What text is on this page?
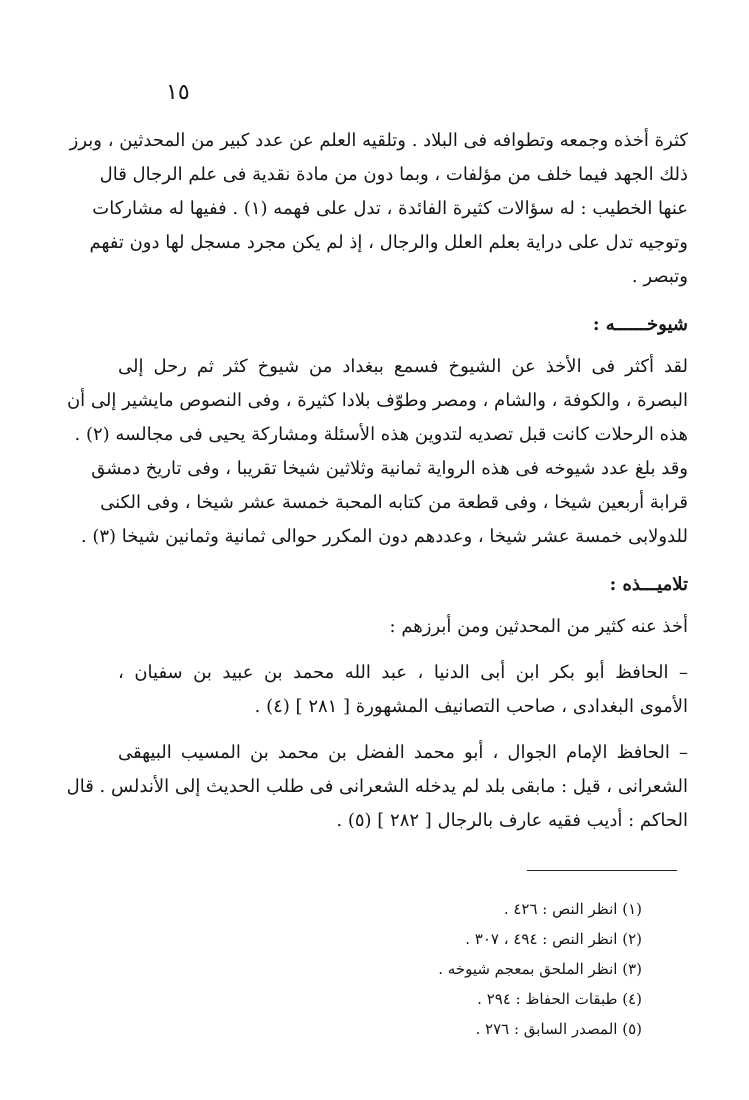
١٥
كثرة أخذه وجمعه وتطوافه فى البلاد . وتلقيه العلم عن عدد كبير من المحدثين ، وبرز
ذلك الجهد فيما خلف من مؤلفات ، وبما دون من مادة نقدية فى علم الرجال قال
عنها الخطيب : له سؤالات كثيرة الفائدة ، تدل على فهمه (١) . ففيها له مشاركات
وتوجيه تدل على دراية بعلم العلل والرجال ، إذ لم يكن مجرد مسجل لها دون تفهم
وتبصر .
شيوخــــــه :
لقد أكثر فى الأخذ عن الشيوخ فسمع ببغداد من شيوخ كثر ثم رحل إلى
البصرة ، والكوفة ، والشام ، ومصر وطوّف بلادا كثيرة ، وفى النصوص مايشير إلى أن
هذه الرحلات كانت قبل تصديه لتدوين هذه الأسئلة ومشاركة يحيى فى مجالسه (٢) .
وقد بلغ عدد شيوخه فى هذه الرواية ثمانية وثلاثين شيخا تقريبا ، وفى تاريخ دمشق
قرابة أربعين شيخا ، وفى قطعة من كتابه المحبة خمسة عشر شيخا ، وفى الكنى
للدولابى خمسة عشر شيخا ، وعددهم دون المكرر حوالى ثمانية وثمانين شيخا (٣) .
تلاميـــذه :
أخذ عنه كثير من المحدثين ومن أبرزهم :
– الحافظ أبو بكر ابن أبى الدنيا ، عبد الله محمد بن عبيد بن سفيان ،
الأموى البغدادى ، صاحب التصانيف المشهورة [ ٢٨١ ] (٤) .
– الحافظ الإمام الجوال ، أبو محمد الفضل بن محمد بن المسيب البيهقى
الشعرانى ، قيل : مابقى بلد لم يدخله الشعرانى فى طلب الحديث إلى الأندلس . قال
الحاكم : أديب فقيه عارف بالرجال [ ٢٨٢ ] (٥) .
(١) انظر النص : ٤٢٦ .
(٢) انظر النص : ٤٩٤ ، ٣٠٧ .
(٣) انظر الملحق بمعجم شيوخه .
(٤) طبقات الحفاظ : ٢٩٤ .
(٥) المصدر السابق : ٢٧٦ .
